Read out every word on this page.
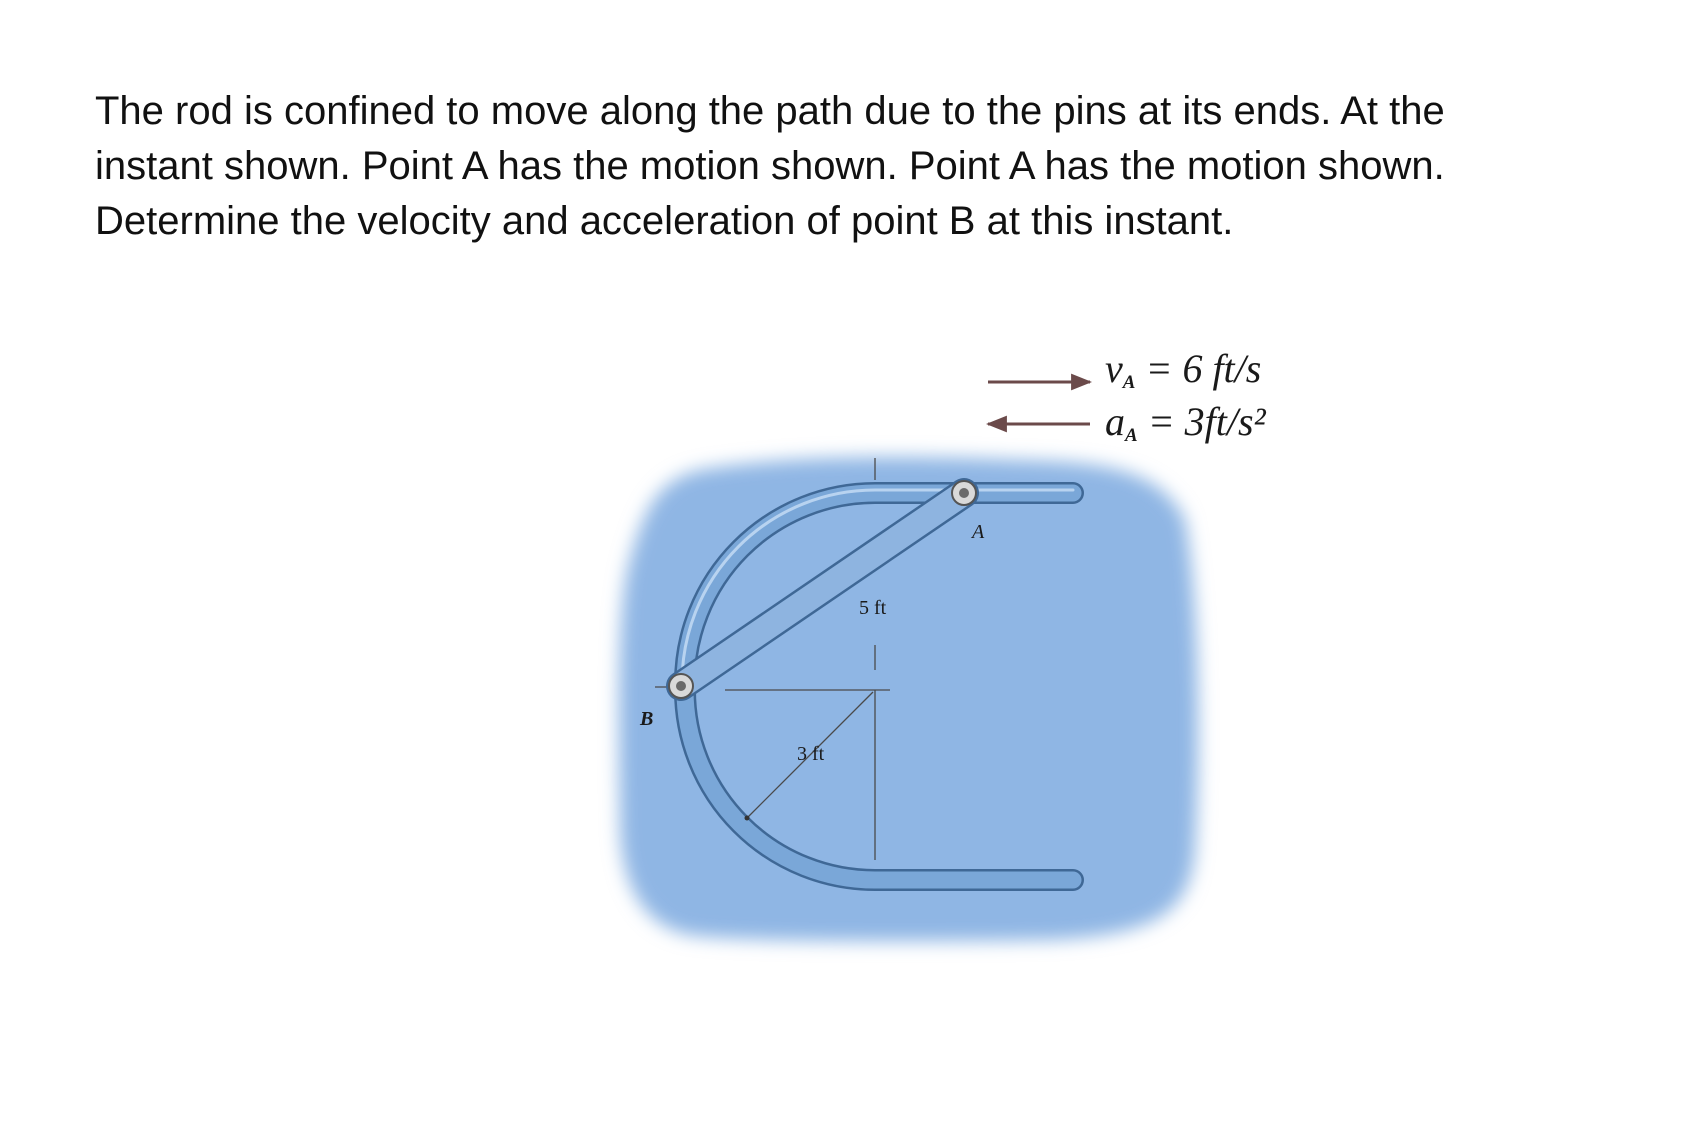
The rod is confined to move along the path due to the pins at its ends. At the
instant shown. Point A has the motion shown. Point A has the motion shown.
Determine the velocity and acceleration of point B at this instant.
A
B
5 ft
3 ft
vA = 6 ft/s
aA = 3ft/s²
